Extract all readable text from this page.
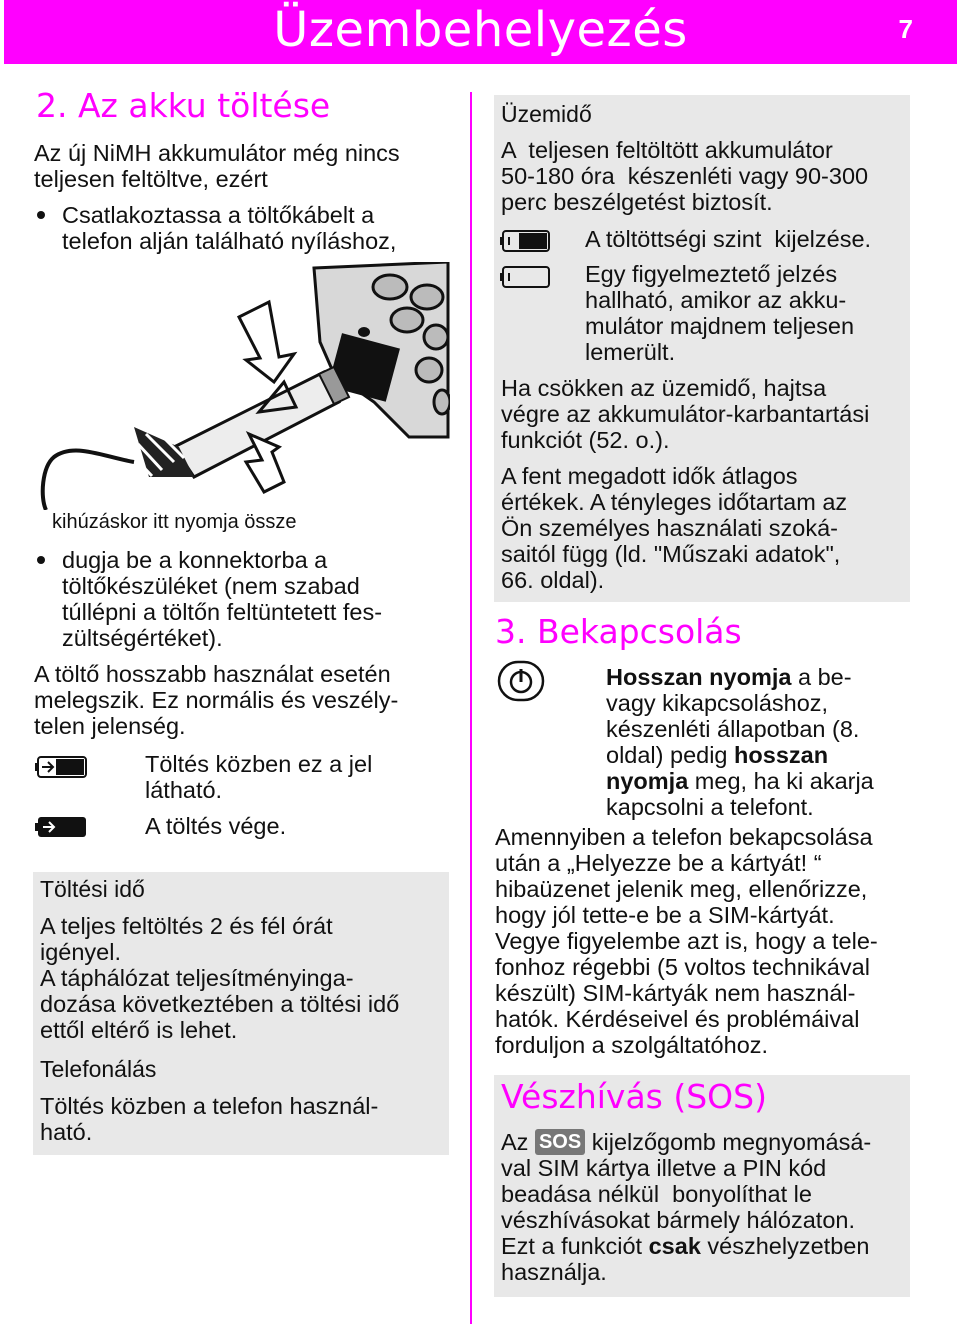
Üzembehelyezés	7
2. Az akku töltése

Az új NiMH akkumulátor még nincs
teljesen feltöltve, ezért

Csatlakoztassa a töltőkábelt a
telefon alján található nyíláshoz,

kihúzáskor itt nyomja össze

dugja be a konnektorba a
töltőkészüléket (nem szabad
túllépni a töltőn feltüntetett fes-
zültségértéket).

A töltő hosszabb használat esetén
melegszik. Ez normális és veszély-
telen jelenség.

Töltés közben ez a jel
látható.

A töltés vége.

Töltési idő

A teljes feltöltés 2 és fél órát
igényel.
A táphálózat teljesítményinga-
dozása következtében a töltési idő
ettől eltérő is lehet.

Telefonálás

Töltés közben a telefon használ-
ható.

Üzemidő

A  teljesen feltöltött akkumulátor
50-180 óra  készenléti vagy 90-300
perc beszélgetést biztosít.

A töltöttségi szint  kijelzése.

Egy figyelmeztető jelzés
hallható, amikor az akku-
mulátor majdnem teljesen
lemerült.

Ha csökken az üzemidő, hajtsa
végre az akkumulátor-karbantartási
funkciót (52. o.).

A fent megadott idők átlagos
értékek. A tényleges időtartam az
Ön személyes használati szoká-
saitól függ (ld. "Műszaki adatok",
66. oldal).

3. Bekapcsolás
Hosszan nyomja a be-
vagy kikapcsoláshoz,
készenléti állapotban (8.
oldal) pedig hosszan
nyomja meg, ha ki akarja
kapcsolni a telefont.

Amennyiben a telefon bekapcsolása
után a „Helyezze be a kártyát! “
hibaüzenet jelenik meg, ellenőrizze,
hogy jól tette-e be a SIM-kártyát.
Vegye figyelembe azt is, hogy a tele-
fonhoz régebbi (5 voltos technikával
készült) SIM-kártyák nem használ-
hatók. Kérdéseivel és problémáival
forduljon a szolgáltatóhoz.

Vészhívás (SOS)
Az SOS kijelzőgomb megnyomásá-

val SIM kártya illetve a PIN kód
beadása nélkül  bonyolíthat le
vészhívásokat bármely hálózaton.

Ezt a funkciót csak vészhelyzetben
használja.
